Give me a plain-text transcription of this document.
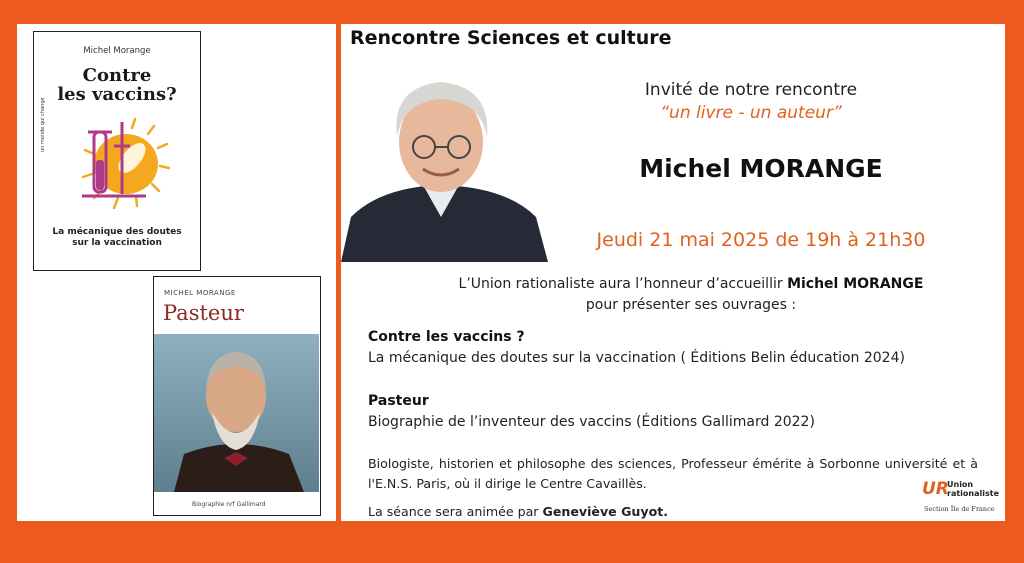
Michel Morange
Contre
les vaccins?
un monde qui change
La mécanique des doutes
sur la vaccination
MICHEL MORANGE
Pasteur
Biographie nrf Gallimard
Rencontre Sciences et culture
Invité de notre rencontre
“un livre - un auteur”
Michel MORANGE
Jeudi 21 mai 2025 de 19h à 21h30
L’Union rationaliste aura l’honneur d’accueillir Michel MORANGE
pour présenter ses ouvrages :
Contre les vaccins ?
La mécanique des doutes sur la vaccination ( Éditions Belin éducation 2024)
Pasteur
Biographie de l’inventeur des vaccins (Éditions Gallimard 2022)
Biologiste, historien et philosophe des sciences, Professeur émérite à Sorbonne université et à l'E.N.S. Paris, où il dirige le Centre Cavaillès.
La séance sera animée par Geneviève Guyot.
UR
Union
rationaliste
Section Île de France
